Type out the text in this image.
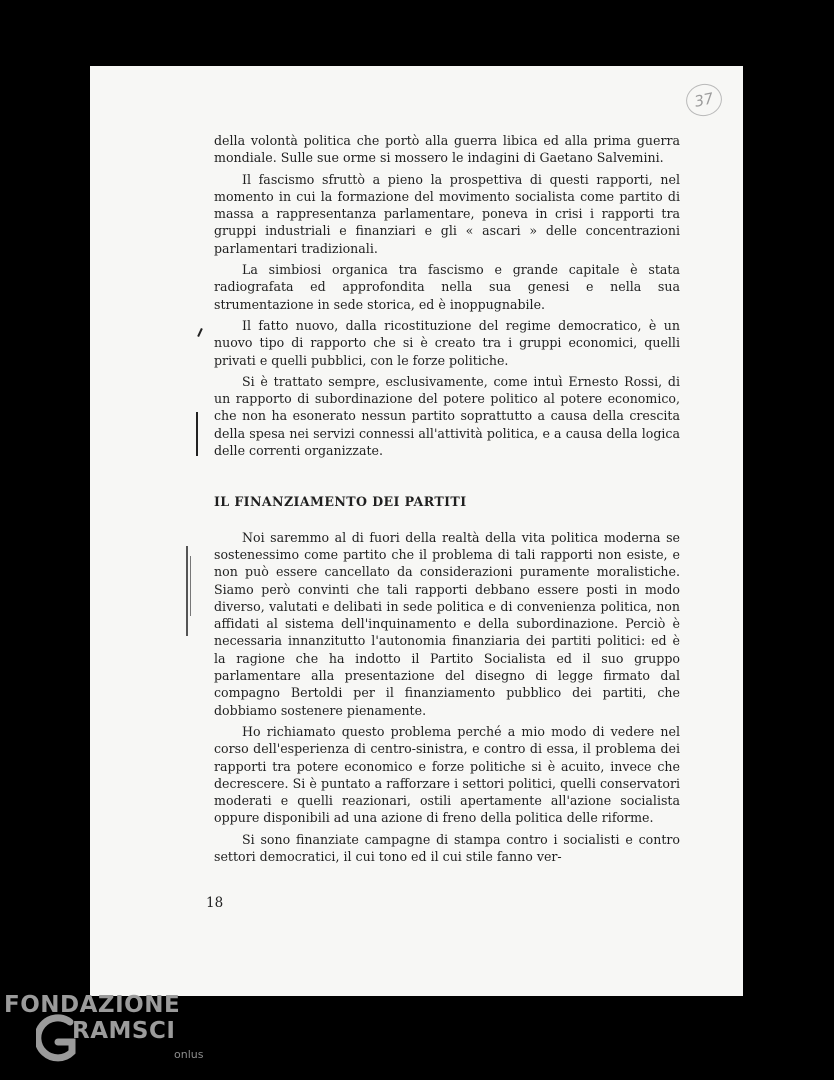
37

della volontà politica che portò alla guerra libica ed alla prima guerra mondiale. Sulle sue orme si mossero le indagini di Gaetano Salvemini.

Il fascismo sfruttò a pieno la prospettiva di questi rapporti, nel momento in cui la formazione del movimento socialista come partito di massa a rappresentanza parlamentare, poneva in crisi i rapporti tra gruppi industriali e finanziari e gli « ascari » delle concentrazioni parlamentari tradizionali.

La simbiosi organica tra fascismo e grande capitale è stata radiografata ed approfondita nella sua genesi e nella sua strumentazione in sede storica, ed è inoppugnabile.

Il fatto nuovo, dalla ricostituzione del regime democratico, è un nuovo tipo di rapporto che si è creato tra i gruppi economici, quelli privati e quelli pubblici, con le forze politiche.

Si è trattato sempre, esclusivamente, come intuì Ernesto Rossi, di un rapporto di subordinazione del potere politico al potere economico, che non ha esonerato nessun partito soprattutto a causa della crescita della spesa nei servizi connessi all'attività politica, e a causa della logica delle correnti organizzate.

IL FINANZIAMENTO DEI PARTITI

Noi saremmo al di fuori della realtà della vita politica moderna se sostenessimo come partito che il problema di tali rapporti non esiste, e non può essere cancellato da considerazioni puramente moralistiche. Siamo però convinti che tali rapporti debbano essere posti in modo diverso, valutati e delibati in sede politica e di convenienza politica, non affidati al sistema dell'inquinamento e della subordinazione. Perciò è necessaria innanzitutto l'autonomia finanziaria dei partiti politici: ed è la ragione che ha indotto il Partito Socialista ed il suo gruppo parlamentare alla presentazione del disegno di legge firmato dal compagno Bertoldi per il finanziamento pubblico dei partiti, che dobbiamo sostenere pienamente.

Ho richiamato questo problema perché a mio modo di vedere nel corso dell'esperienza di centro-sinistra, e contro di essa, il problema dei rapporti tra potere economico e forze politiche si è acuito, invece che decrescere. Si è puntato a rafforzare i settori politici, quelli conservatori moderati e quelli reazionari, ostili apertamente all'azione socialista oppure disponibili ad una azione di freno della politica delle riforme.

Si sono finanziate campagne di stampa contro i socialisti e contro settori democratici, il cui tono ed il cui stile fanno ver-

18
FONDAZIONE
RAMSCI
onlus
